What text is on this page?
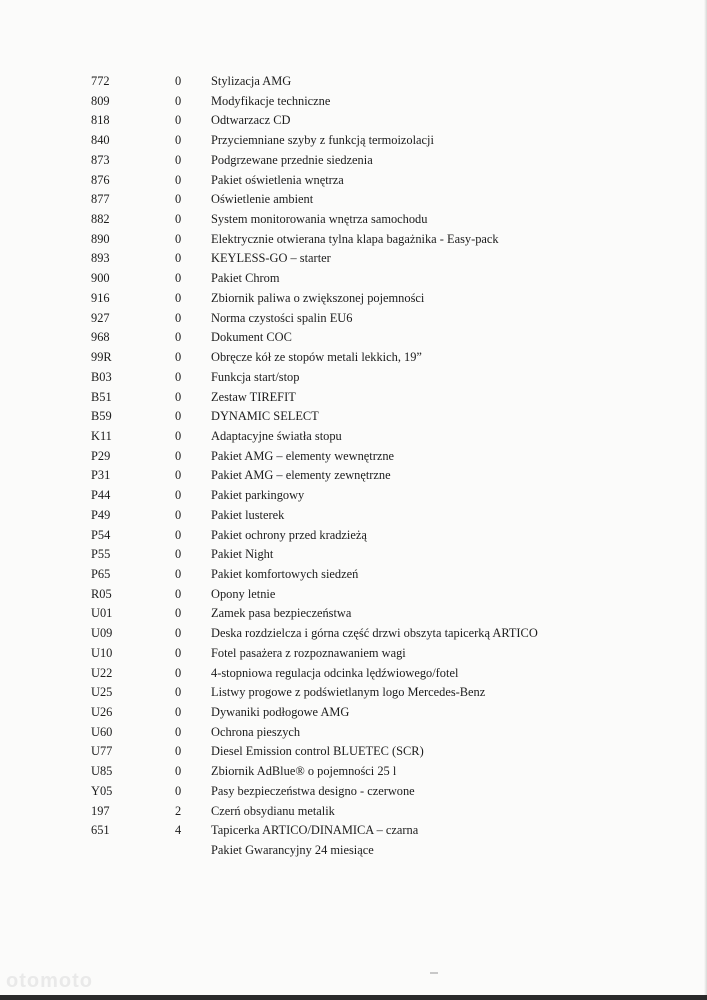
772	0 Stylizacja AMG
809	0 Modyfikacje techniczne
818	0 Odtwarzacz CD
840	0 Przyciemniane szyby z funkcją termoizolacji
873	0 Podgrzewane przednie siedzenia
876	0 Pakiet oświetlenia wnętrza
877	0 Oświetlenie ambient
882	0 System monitorowania wnętrza samochodu
890	0 Elektrycznie otwierana tylna klapa bagażnika - Easy-pack
893	0 KEYLESS-GO – starter
900	0 Pakiet Chrom
916	0 Zbiornik paliwa o zwiększonej pojemności
927	0 Norma czystości spalin EU6
968	0 Dokument COC
99R	0 Obręcze kół ze stopów metali lekkich, 19”
B03	0 Funkcja start/stop
B51	0 Zestaw TIREFIT
B59	0 DYNAMIC SELECT
K11	0 Adaptacyjne światła stopu
P29	0 Pakiet AMG – elementy wewnętrzne
P31	0 Pakiet AMG – elementy zewnętrzne
P44	0 Pakiet parkingowy
P49	0 Pakiet lusterek
P54	0 Pakiet ochrony przed kradzieżą
P55	0 Pakiet Night
P65	0 Pakiet komfortowych siedzeń
R05	0 Opony letnie
U01	0 Zamek pasa bezpieczeństwa
U09	0 Deska rozdzielcza i górna część drzwi obszyta tapicerką ARTICO
U10	0 Fotel pasażera z rozpoznawaniem wagi
U22	0 4-stopniowa regulacja odcinka lędźwiowego/fotel
U25	0 Listwy progowe z podświetlanym logo Mercedes-Benz
U26	0 Dywaniki podłogowe AMG
U60	0 Ochrona pieszych
U77	0 Diesel Emission control BLUETEC (SCR)
U85	0 Zbiornik AdBlue® o pojemności 25 l
Y05	0 Pasy bezpieczeństwa designo - czerwone
197	2 Czerń obsydianu metalik
651	4 Tapicerka ARTICO/DINAMICA – czarna
Pakiet Gwarancyjny 24 miesiące
otomoto
